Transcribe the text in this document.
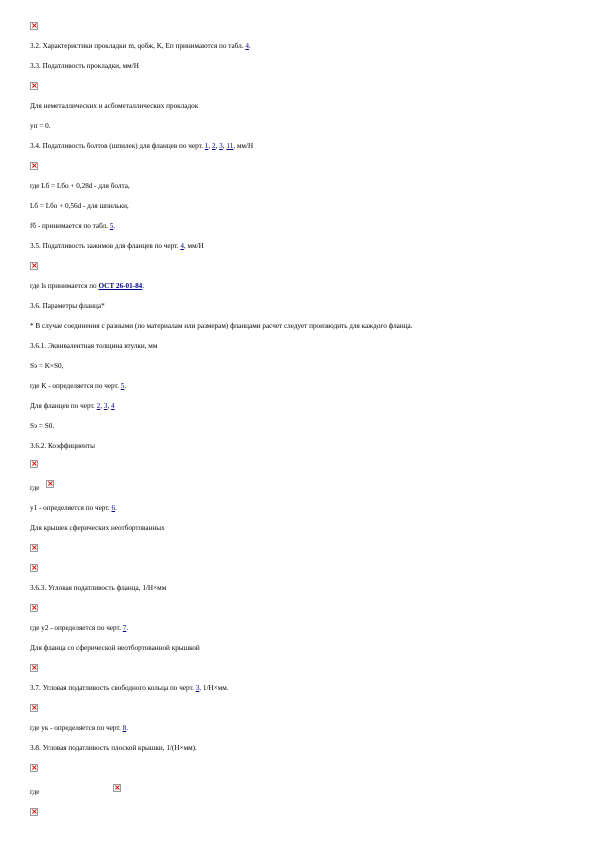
×
3.2. Характеристики прокладки m, qобж, K, Eп принимаются по табл. 4.
3.3. Податливость прокладки, мм/Н
×
Для неметаллических и асбометаллических прокладок
yп = 0.
3.4. Податливость болтов (шпилек) для фланцев по черт. 1, 2, 3, 11, мм/Н
×
где Lб = Lбо + 0,28d - для болта,
Lб = Lбо + 0,56d - для шпильки,
fб - принимается по табл. 5.
3.5. Податливость зажимов для фланцев по черт. 4, мм/Н
×
где ls принимается по ОСТ 26-01-84.
3.6. Параметры фланца*
* В случае соединения с разными (по материалам или размерам) фланцами расчет следует производить для каждого фланца.
3.6.1. Эквивалентная толщина втулки, мм
Sэ = K×S0,
где K - определяется по черт. 5.
Для фланцев по черт. 2, 3, 4
Sэ = S0.
3.6.2. Коэффициенты
×
где
×
y1 - определяется по черт. 6.
Для крышек сферических неотбортованных
×
×
3.6.3. Угловая податливость фланца, 1/Н×мм
×
где y2 - определяется по черт. 7.
Для фланца со сферической неотбортованной крышкой
×
3.7. Угловая податливость свободного кольца по черт. 3, 1/Н×мм.
×
где yк - определяется по черт. 8.
3.8. Угловая податливость плоской крышки, 1/(Н×мм).
×
где
×
×
